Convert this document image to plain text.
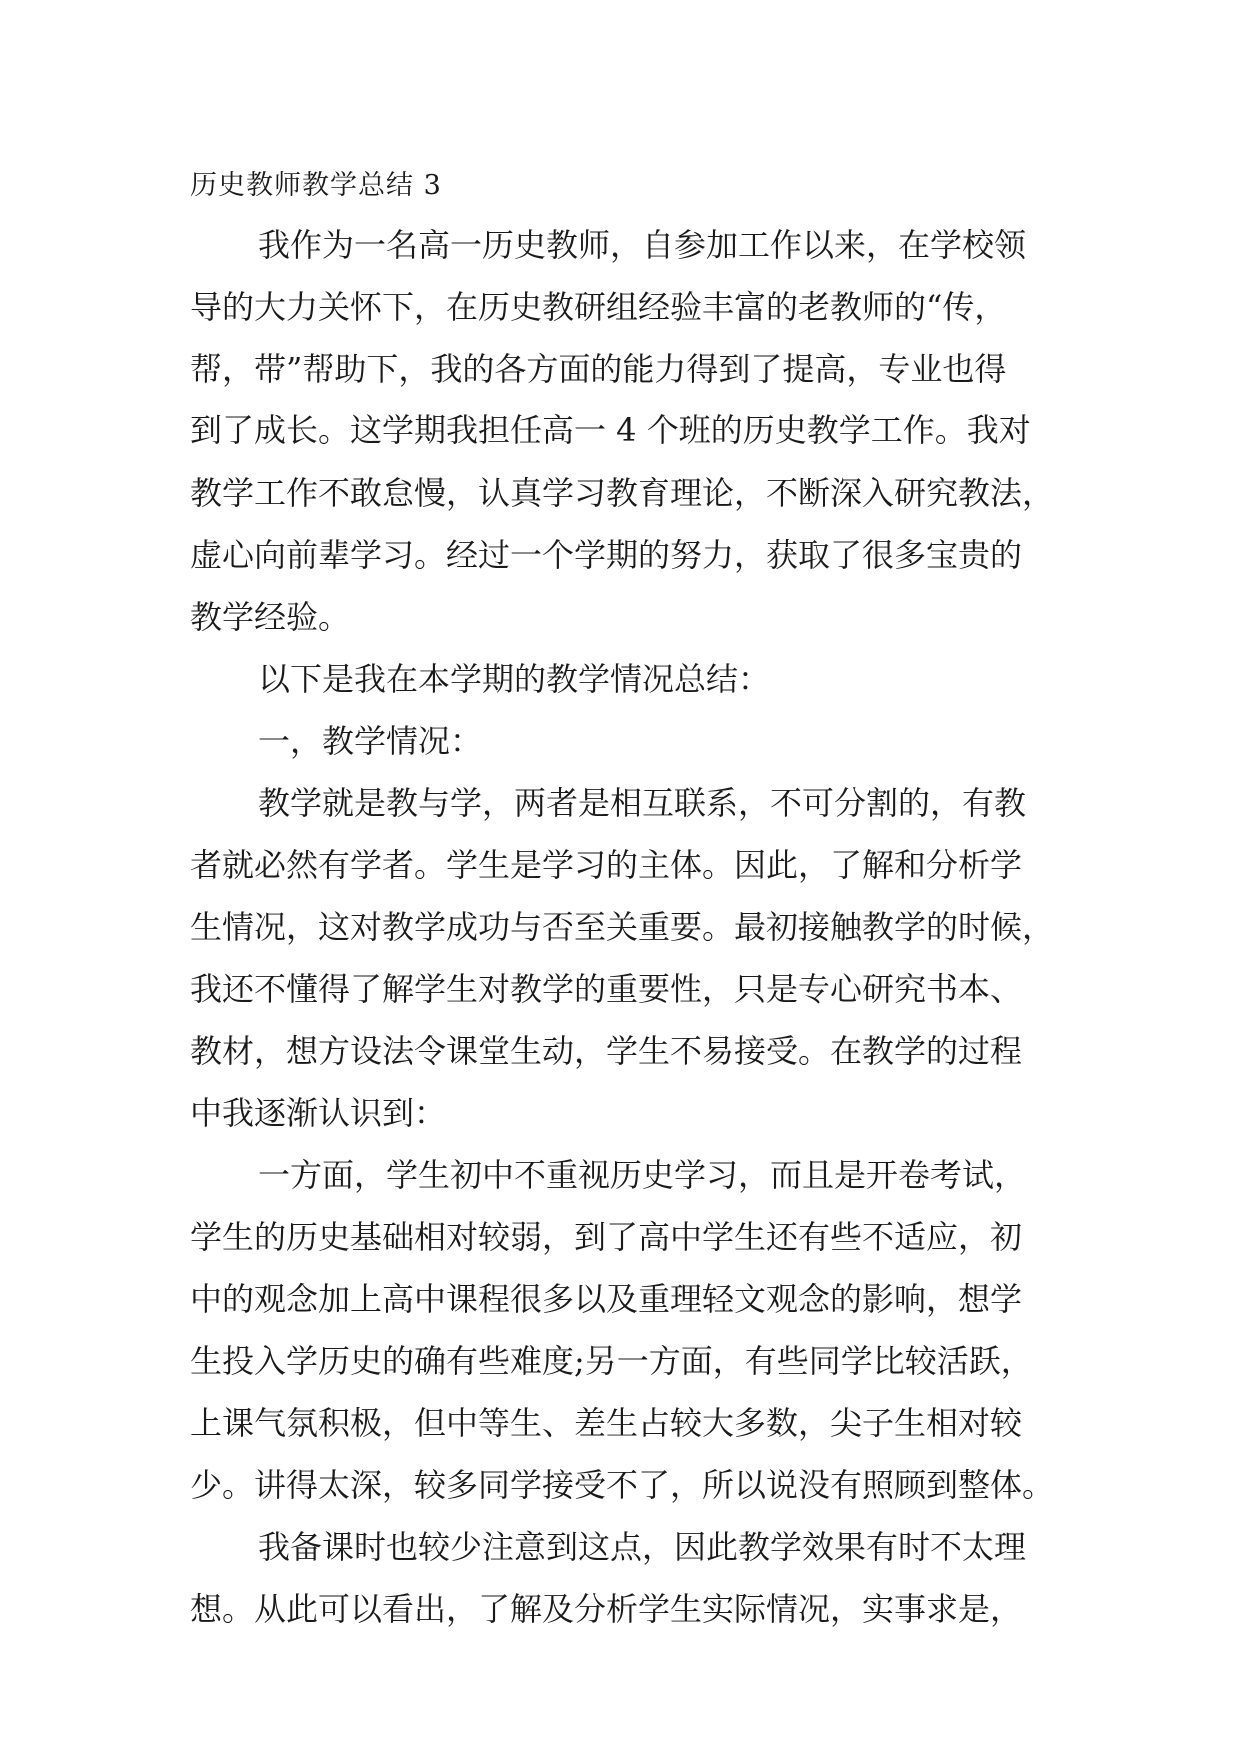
历史教师教学总结 3
我作为一名高一历史教师，自参加工作以来，在学校领
导的大力关怀下，在历史教研组经验丰富的老教师的“传，
帮，带”帮助下，我的各方面的能力得到了提高，专业也得
到了成长。这学期我担任高一 4 个班的历史教学工作。我对
教学工作不敢怠慢，认真学习教育理论，不断深入研究教法，
虚心向前辈学习。经过一个学期的努力，获取了很多宝贵的
教学经验。
以下是我在本学期的教学情况总结：
一，教学情况：
教学就是教与学，两者是相互联系，不可分割的，有教
者就必然有学者。学生是学习的主体。因此，了解和分析学
生情况，这对教学成功与否至关重要。最初接触教学的时候，
我还不懂得了解学生对教学的重要性，只是专心研究书本、
教材，想方设法令课堂生动，学生不易接受。在教学的过程
中我逐渐认识到：
一方面，学生初中不重视历史学习，而且是开卷考试，
学生的历史基础相对较弱，到了高中学生还有些不适应，初
中的观念加上高中课程很多以及重理轻文观念的影响，想学
生投入学历史的确有些难度;另一方面，有些同学比较活跃，
上课气氛积极，但中等生、差生占较大多数，尖子生相对较
少。讲得太深，较多同学接受不了，所以说没有照顾到整体。
我备课时也较少注意到这点，因此教学效果有时不太理
想。从此可以看出，了解及分析学生实际情况，实事求是，
